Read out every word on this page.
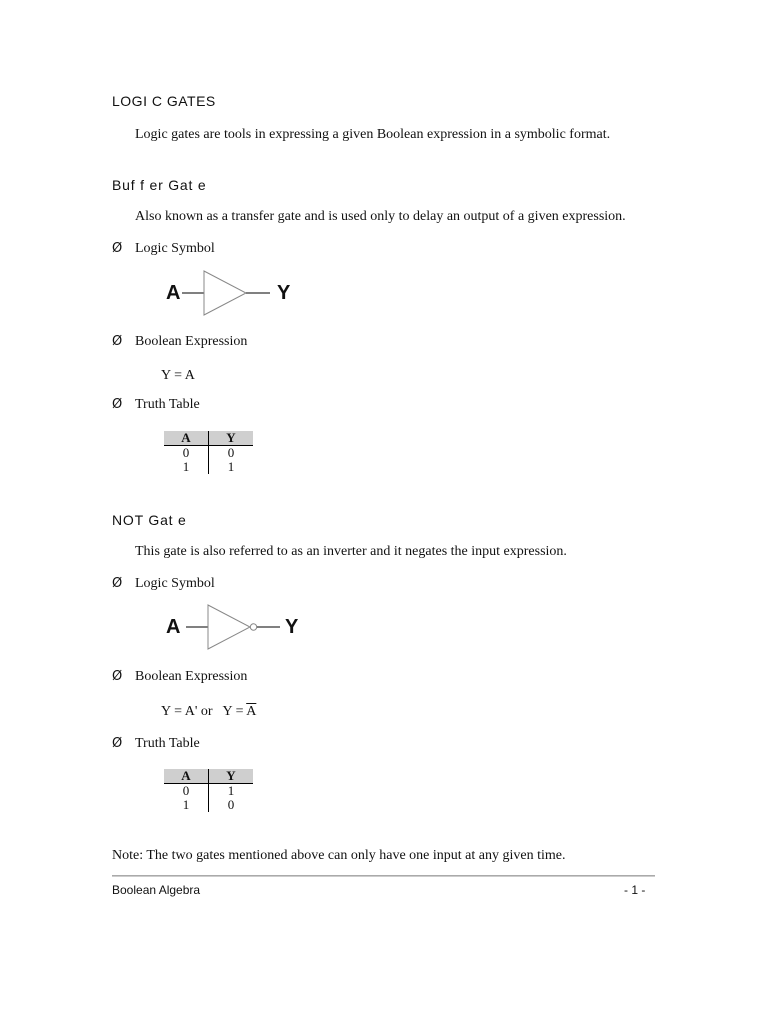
LOGI C GATES
Logic gates are tools in expressing a given Boolean expression in a symbolic format.
Buf f er Gat e
Also known as a transfer gate and is used only to delay an output of a given expression.
Ø Logic Symbol
A	Y
Ø Boolean Expression
Y = A
Ø Truth Table
A	Y
0	0
1	1
NOT Gat e
This gate is also referred to as an inverter and it negates the input expression.
Ø Logic Symbol
A	Y
Ø Boolean Expression
Y = A' or   $Y = \overline{A}$
Ø Truth Table
A	Y
0	1
1	0
Note: The two gates mentioned above can only have one input at any given time.
Boolean Algebra	- 1 -
